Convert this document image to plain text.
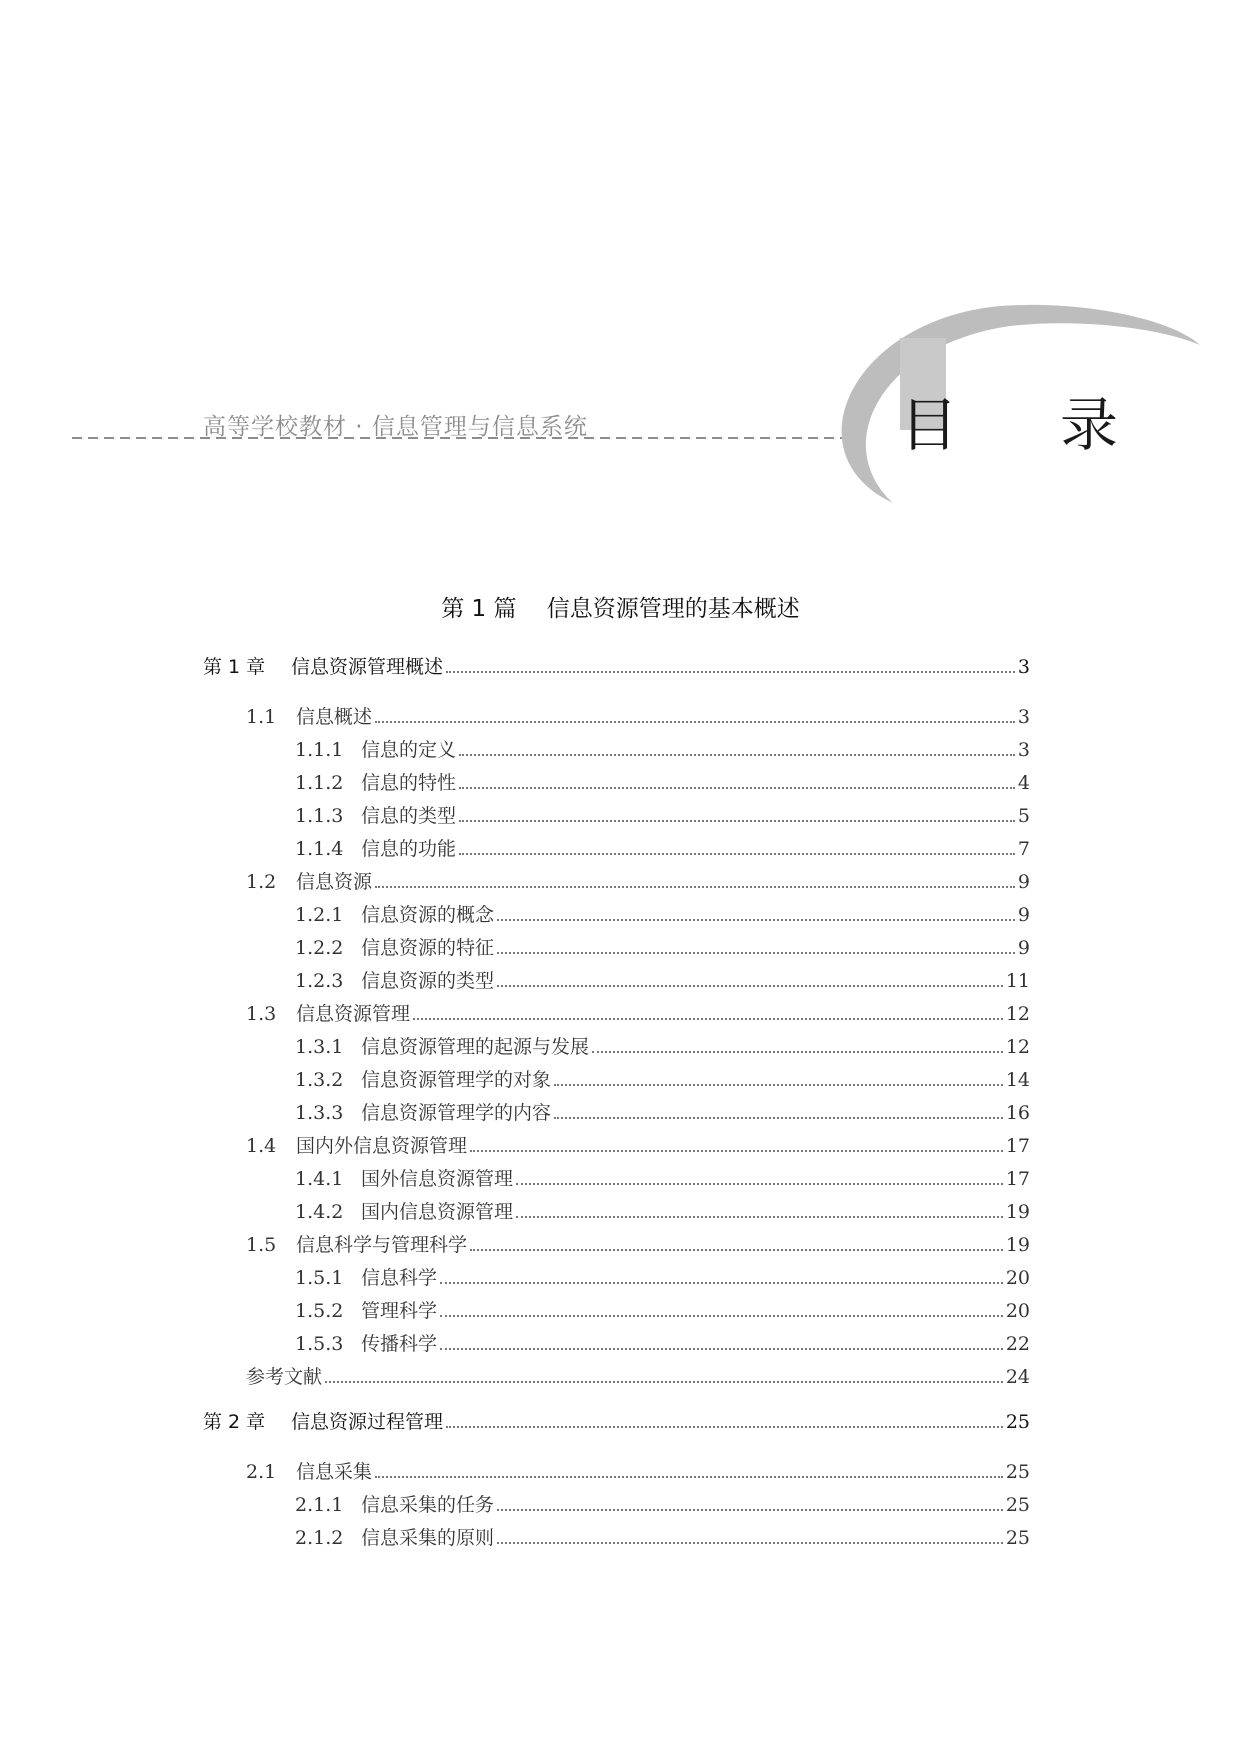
高等学校教材 · 信息管理与信息系统	目　录
第 1 篇　 信息资源管理的基本概述
第 1 章	信息资源管理概述	3
1.1	信息概述	3
1.1.1 信息的定义	3
1.1.2 信息的特性	4
1.1.3 信息的类型	5
1.1.4 信息的功能	7
1.2	信息资源	9
1.2.1 信息资源的概念	9
1.2.2 信息资源的特征	9
1.2.3 信息资源的类型	11
1.3	信息资源管理	12
1.3.1 信息资源管理的起源与发展	12
1.3.2 信息资源管理学的对象	14
1.3.3 信息资源管理学的内容	16
1.4	国内外信息资源管理	17
1.4.1 国外信息资源管理	17
1.4.2 国内信息资源管理	19
1.5	信息科学与管理科学	19
1.5.1 信息科学	20
1.5.2 管理科学	20
1.5.3 传播科学	22
参考文献	24
第 2 章	信息资源过程管理	25
2.1	信息采集	25
2.1.1 信息采集的任务	25
2.1.2 信息采集的原则	25
